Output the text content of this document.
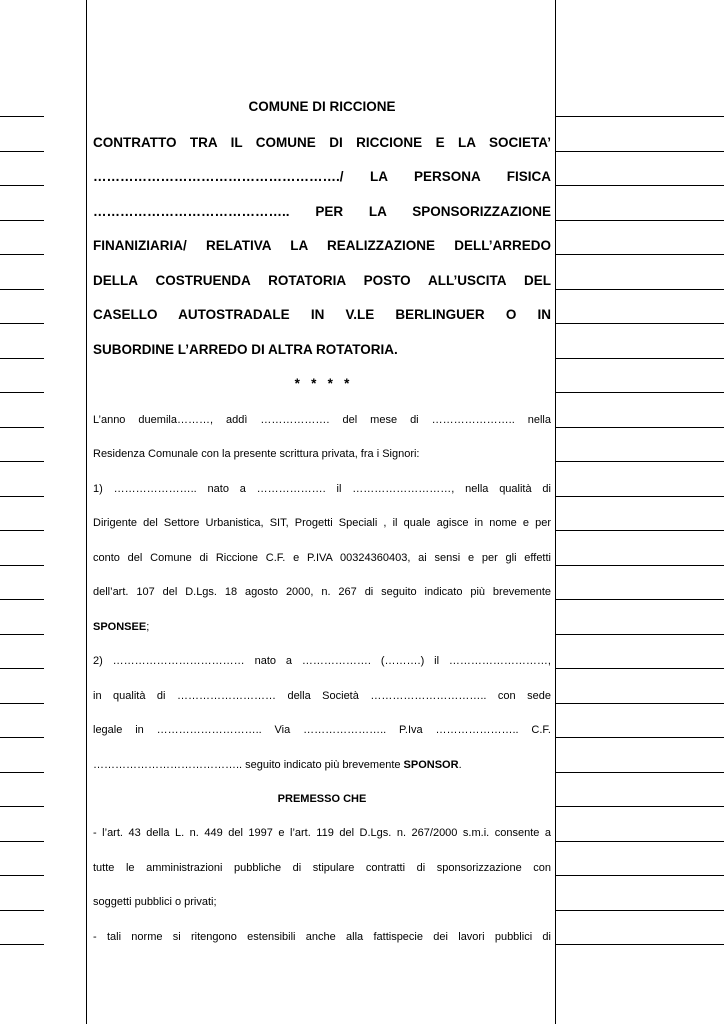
COMUNE DI RICCIONE
CONTRATTO TRA IL COMUNE DI RICCIONE E LA SOCIETA’
………………………………………………./ LA PERSONA FISICA
…………………………………….. PER LA SPONSORIZZAZIONE
FINANIZIARIA/ RELATIVA LA REALIZZAZIONE DELL’ARREDO
DELLA COSTRUENDA ROTATORIA POSTO ALL’USCITA DEL
CASELLO AUTOSTRADALE IN V.LE BERLINGUER O IN
SUBORDINE L’ARREDO DI ALTRA ROTATORIA.
*   *   *   *
L’anno duemila………, addì ………………. del mese di ………………….. nella
Residenza Comunale con la presente scrittura privata, fra i Signori:
1) ………………….. nato a ………………. il ………………………, nella qualità di
Dirigente del Settore Urbanistica, SIT, Progetti Speciali , il quale agisce in nome e per
conto del Comune di Riccione C.F. e P.IVA 00324360403, ai sensi e per gli effetti
dell’art. 107 del D.Lgs. 18 agosto 2000, n. 267 di seguito indicato più brevemente
SPONSEE;
2) ……………………………… nato a ………………. (……….) il ………………………,
in qualità di ……………………… della Società ………………………….. con sede
legale in ……………………….. Via ………………….. P.Iva ………………….. C.F.
………………………………….. seguito indicato più brevemente SPONSOR.
PREMESSO CHE
- l’art. 43 della L. n. 449 del 1997 e l’art. 119 del D.Lgs. n. 267/2000 s.m.i. consente a
tutte le amministrazioni pubbliche di stipulare contratti di sponsorizzazione con
soggetti pubblici o privati;
- tali norme si ritengono estensibili anche alla fattispecie dei lavori pubblici di
